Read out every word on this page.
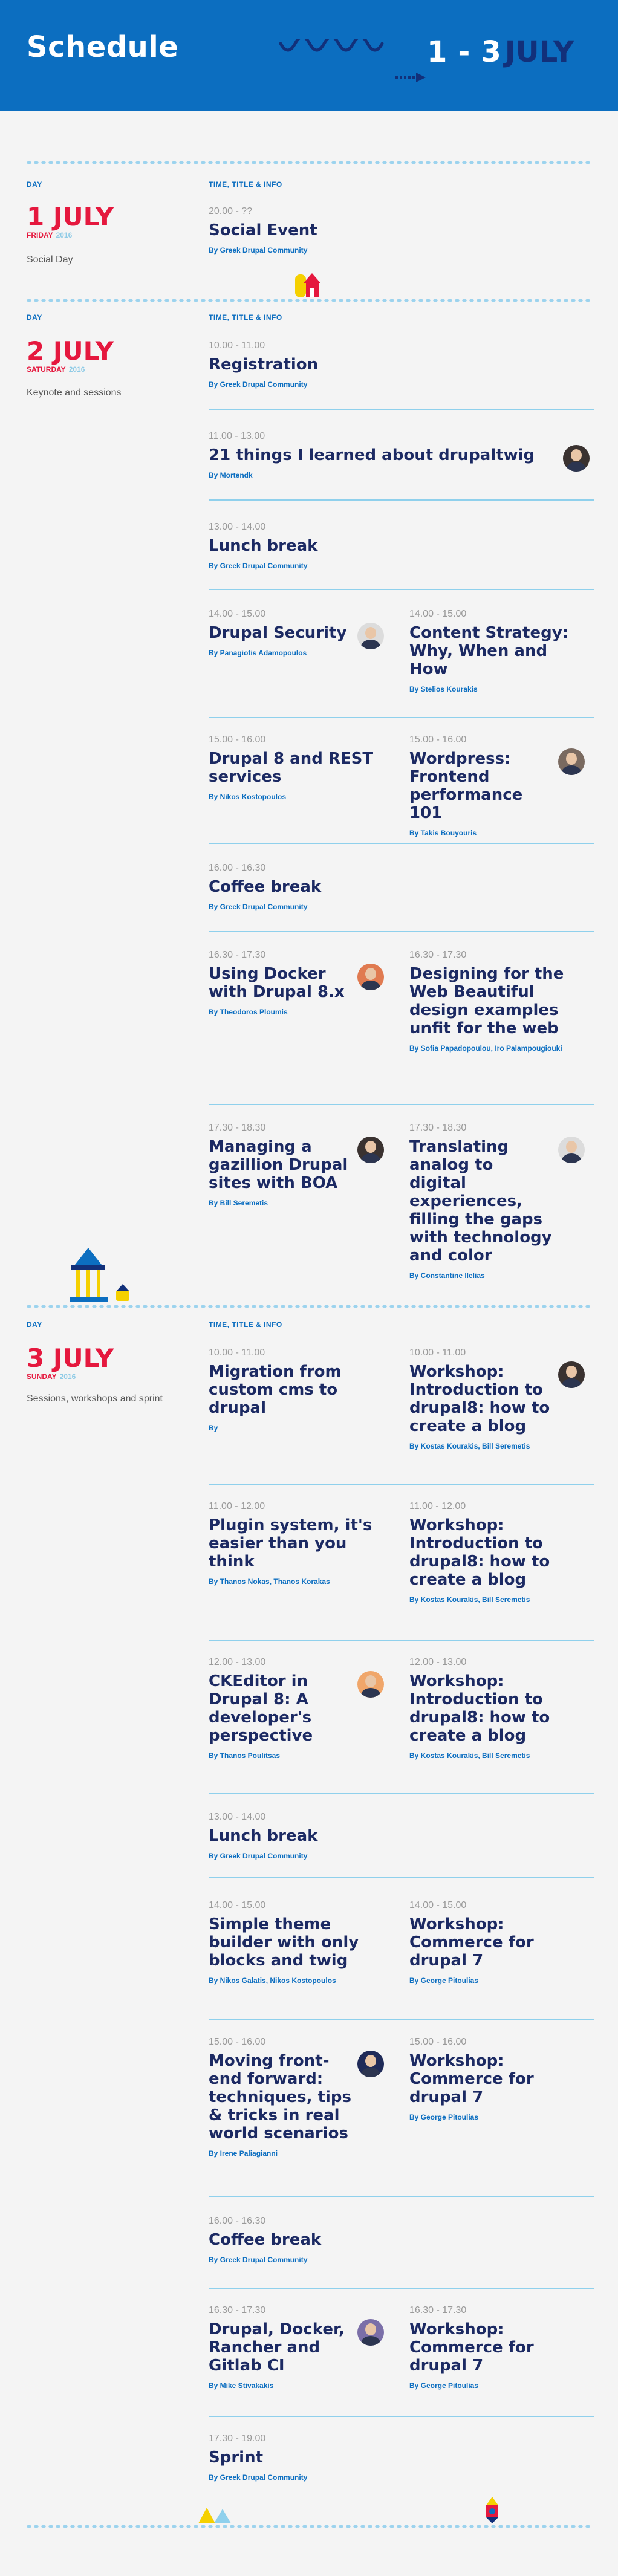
Schedule	1 - 3 JULY
DAY	TIME, TITLE & INFO
1 JULY
FRIDAY 2016
Social Day
20.00 - ??
Social Event
By Greek Drupal Community
DAY	TIME, TITLE & INFO
2 JULY
SATURDAY 2016
Keynote and sessions
10.00 - 11.00
Registration
By Greek Drupal Community
11.00 - 13.00
21 things I learned about drupaltwig
By Mortendk
13.00 - 14.00
Lunch break
By Greek Drupal Community
14.00 - 15.00
Drupal Security
By Panagiotis Adamopoulos
14.00 - 15.00
Content Strategy: Why, When and How
By Stelios Kourakis
15.00 - 16.00
Drupal 8 and REST services
By Nikos Kostopoulos
15.00 - 16.00
Wordpress: Frontend performance 101
By Takis Bouyouris
16.00 - 16.30
Coffee break
By Greek Drupal Community
16.30 - 17.30
Using Docker with Drupal 8.x
By Theodoros Ploumis
16.30 - 17.30
Designing for the Web Beautiful design examples unfit for the web
By Sofia Papadopoulou, Iro Palampougiouki
17.30 - 18.30
Managing a gazillion Drupal sites with BOA
By Bill Seremetis
17.30 - 18.30
Translating analog to digital experiences, filling the gaps with technology and color
By Constantine Ilelias
DAY	TIME, TITLE & INFO
3 JULY
SUNDAY 2016
Sessions, workshops and sprint
10.00 - 11.00
Migration from custom cms to drupal
By
10.00 - 11.00
Workshop: Introduction to drupal8: how to create a blog
By Kostas Kourakis, Bill Seremetis
11.00 - 12.00
Plugin system, it's easier than you think
By Thanos Nokas, Thanos Korakas
11.00 - 12.00
Workshop: Introduction to drupal8: how to create a blog
By Kostas Kourakis, Bill Seremetis
12.00 - 13.00
CKEditor in Drupal 8: A developer's perspective
By Thanos Poulitsas
12.00 - 13.00
Workshop: Introduction to drupal8: how to create a blog
By Kostas Kourakis, Bill Seremetis
13.00 - 14.00
Lunch break
By Greek Drupal Community
14.00 - 15.00
Simple theme builder with only blocks and twig
By Nikos Galatis, Nikos Kostopoulos
14.00 - 15.00
Workshop: Commerce for drupal 7
By George Pitoulias
15.00 - 16.00
Moving front-end forward: techniques, tips & tricks in real world scenarios
By Irene Paliagianni
15.00 - 16.00
Workshop: Commerce for drupal 7
By George Pitoulias
16.00 - 16.30
Coffee break
By Greek Drupal Community
16.30 - 17.30
Drupal, Docker, Rancher and Gitlab CI
By Mike Stivakakis
16.30 - 17.30
Workshop: Commerce for drupal 7
By George Pitoulias
17.30 - 19.00
Sprint
By Greek Drupal Community
